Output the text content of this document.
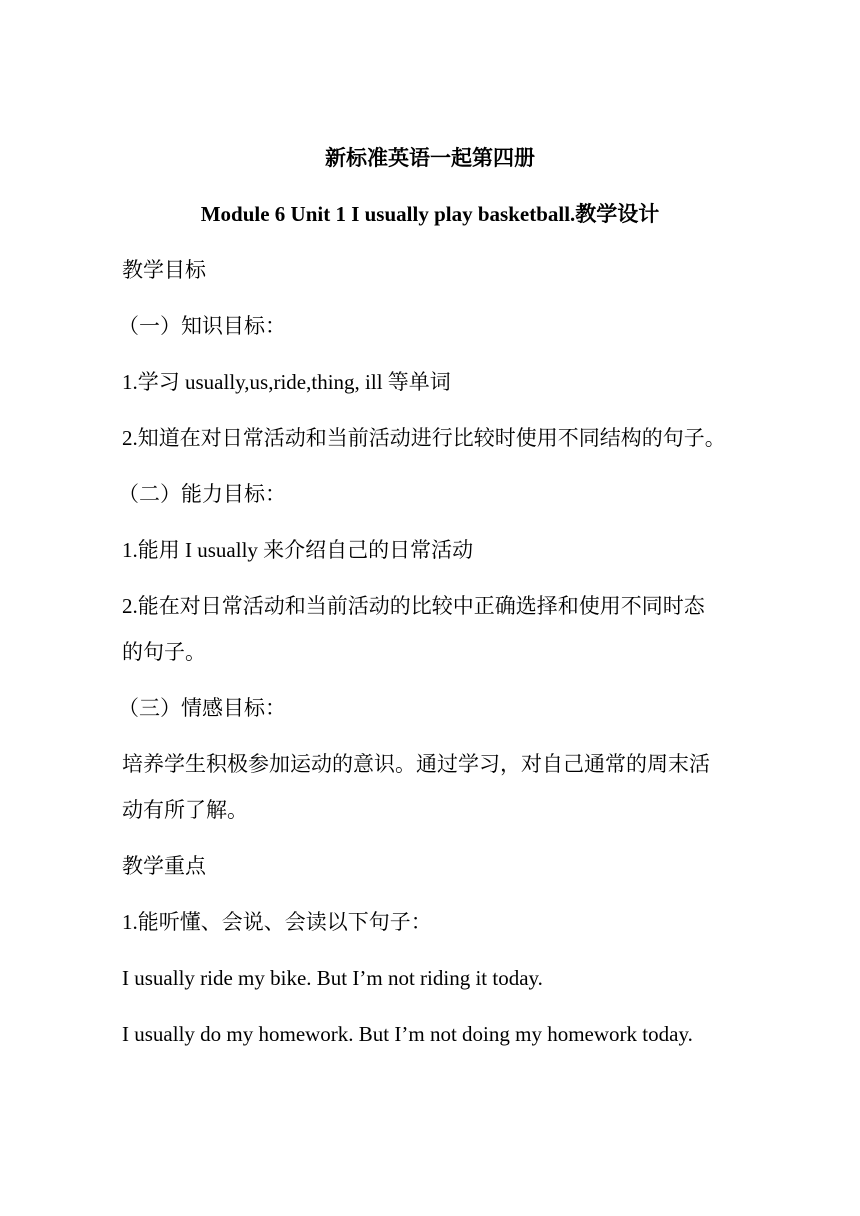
新标准英语一起第四册
Module 6 Unit 1 I usually play basketball.教学设计
教学目标
（一）知识目标：
1.学习 usually,us,ride,thing, ill 等单词
2.知道在对日常活动和当前活动进行比较时使用不同结构的句子。
（二）能力目标：
1.能用 I usually 来介绍自己的日常活动
2.能在对日常活动和当前活动的比较中正确选择和使用不同时态
的句子。
（三）情感目标：
培养学生积极参加运动的意识。通过学习，对自己通常的周末活
动有所了解。
教学重点
1.能听懂、会说、会读以下句子：
I usually ride my bike. But I’m not riding it today.
I usually do my homework. But I’m not doing my homework today.
